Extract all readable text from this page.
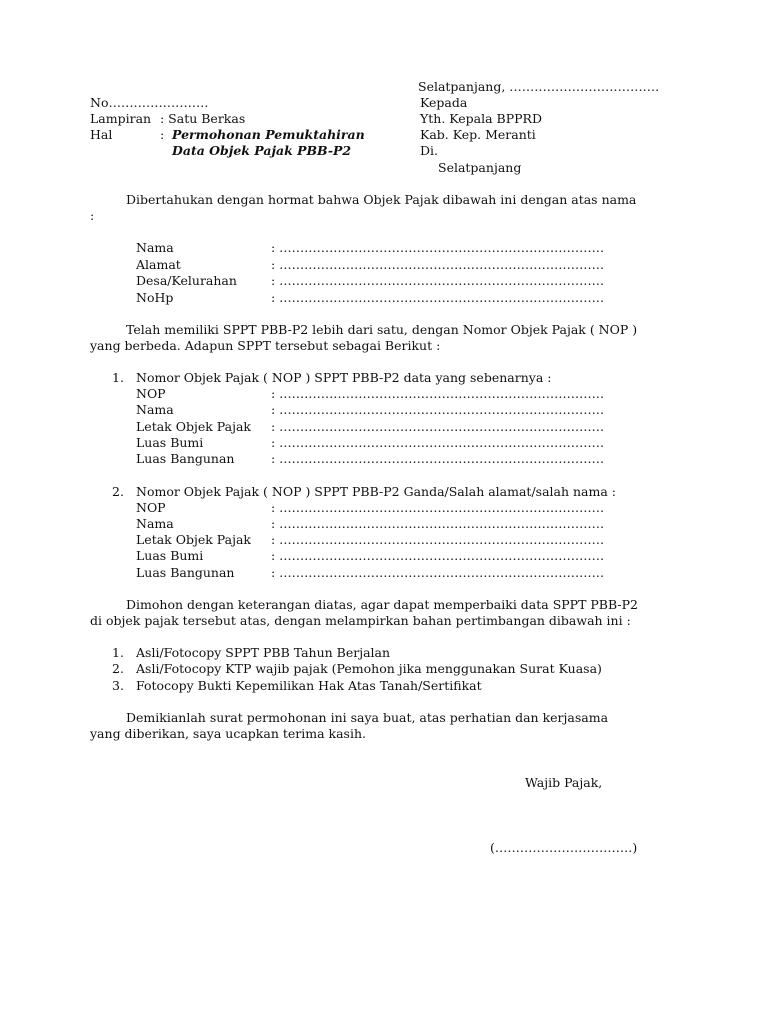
Selatpanjang, ………………………………
No……………………
Lampiran : Satu Berkas
Hal	: Permohonan Pemuktahiran
Data Objek Pajak PBB-P2
Kepada
Yth. Kepala BPPRD
Kab. Kep. Meranti
Di.
Selatpanjang
Dibertahukan dengan hormat bahwa Objek Pajak dibawah ini dengan atas nama
:
Nama	: ……………………………………………………………………
Alamat	: ……………………………………………………………………
Desa/Kelurahan	: ……………………………………………………………………
NoHp	: ……………………………………………………………………
Telah memiliki SPPT PBB-P2 lebih dari satu, dengan Nomor Objek Pajak ( NOP )
yang berbeda. Adapun SPPT tersebut sebagai Berikut :
1. Nomor Objek Pajak ( NOP ) SPPT PBB-P2 data yang sebenarnya :
NOP	: ……………………………………………………………………
Nama	: ……………………………………………………………………
Letak Objek Pajak : ……………………………………………………………………
Luas Bumi	: ……………………………………………………………………
Luas Bangunan	: ……………………………………………………………………
2. Nomor Objek Pajak ( NOP ) SPPT PBB-P2 Ganda/Salah alamat/salah nama :
NOP	: ……………………………………………………………………
Nama	: ……………………………………………………………………
Letak Objek Pajak : ……………………………………………………………………
Luas Bumi	: ……………………………………………………………………
Luas Bangunan	: ……………………………………………………………………
Dimohon dengan keterangan diatas, agar dapat memperbaiki data SPPT PBB-P2
di objek pajak tersebut atas, dengan melampirkan bahan pertimbangan dibawah ini :
1. Asli/Fotocopy SPPT PBB Tahun Berjalan
2. Asli/Fotocopy KTP wajib pajak (Pemohon jika menggunakan Surat Kuasa)
3. Fotocopy Bukti Kepemilikan Hak Atas Tanah/Sertifikat
Demikianlah surat permohonan ini saya buat, atas perhatian dan kerjasama
yang diberikan, saya ucapkan terima kasih.
Wajib Pajak,
(……………………………)
